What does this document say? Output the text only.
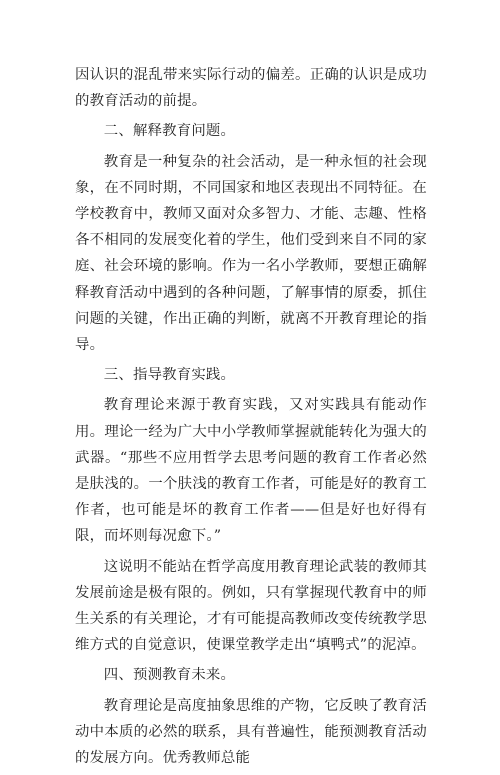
因认识的混乱带来实际行动的偏差。正确的认识是成功的教育活动的前提。

二、解释教育问题。

教育是一种复杂的社会活动，是一种永恒的社会现象，在不同时期，不同国家和地区表现出不同特征。在学校教育中，教师又面对众多智力、才能、志趣、性格各不相同的发展变化着的学生，他们受到来自不同的家庭、社会环境的影响。作为一名小学教师，要想正确解释教育活动中遇到的各种问题，了解事情的原委，抓住问题的关键，作出正确的判断，就离不开教育理论的指导。

三、指导教育实践。

教育理论来源于教育实践，又对实践具有能动作用。理论一经为广大中小学教师掌握就能转化为强大的武器。“那些不应用哲学去思考问题的教育工作者必然是肤浅的。一个肤浅的教育工作者，可能是好的教育工作者，也可能是坏的教育工作者——但是好也好得有限，而坏则每况愈下。”

这说明不能站在哲学高度用教育理论武装的教师其发展前途是极有限的。例如，只有掌握现代教育中的师生关系的有关理论，才有可能提高教师改变传统教学思维方式的自觉意识，使课堂教学走出“填鸭式”的泥淖。

四、预测教育未来。

教育理论是高度抽象思维的产物，它反映了教育活动中本质的必然的联系，具有普遍性，能预测教育活动的发展方向。优秀教师总能
